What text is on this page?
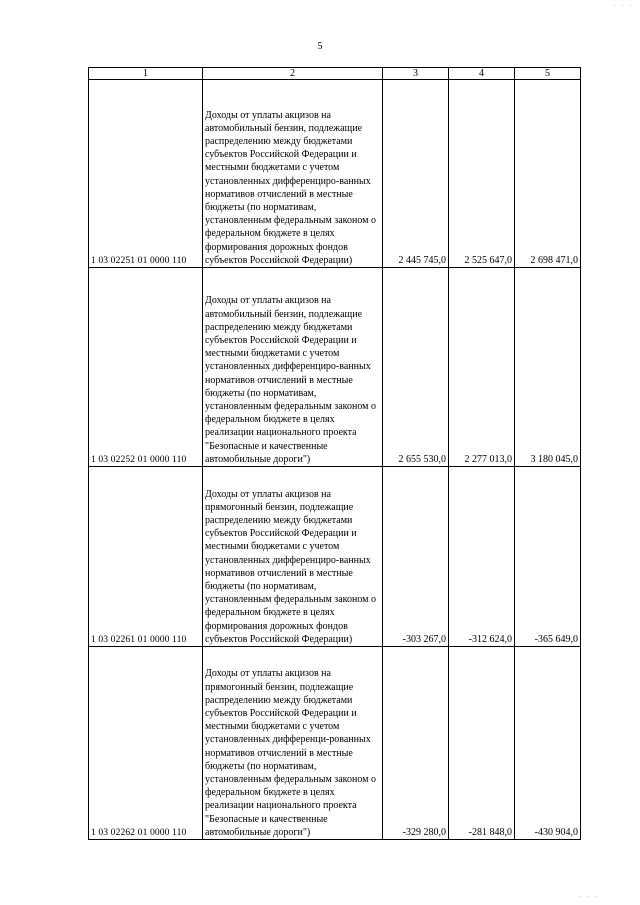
5
1	2	3	4	5
1 03 02251 01 0000 110	Доходы от уплаты акцизов на автомобильный бензин, подлежащие распределению между бюджетами субъектов Российской Федерации и местными бюджетами с учетом установленных дифференциро-ванных нормативов отчислений в местные бюджеты (по нормативам, установленным федеральным законом о федеральном бюджете в целях формирования дорожных фондов субъектов Российской Федерации)	2 445 745,0	2 525 647,0	2 698 471,0
1 03 02252 01 0000 110	Доходы от уплаты акцизов на автомобильный бензин, подлежащие распределению между бюджетами субъектов Российской Федерации и местными бюджетами с учетом установленных дифференциро-ванных нормативов отчислений в местные бюджеты (по нормативам, установленным федеральным законом о федеральном бюджете в целях реализации национального проекта "Безопасные и качественные автомобильные дороги")	2 655 530,0	2 277 013,0	3 180 045,0
1 03 02261 01 0000 110	Доходы от уплаты акцизов на прямогонный бензин, подлежащие распределению между бюджетами субъектов Российской Федерации и местными бюджетами с учетом установленных дифференциро-ванных нормативов отчислений в местные бюджеты (по нормативам, установленным федеральным законом о федеральном бюджете в целях формирования дорожных фондов субъектов Российской Федерации)	-303 267,0	-312 624,0	-365 649,0
1 03 02262 01 0000 110	Доходы от уплаты акцизов на прямогонный бензин, подлежащие распределению между бюджетами субъектов Российской Федерации и местными бюджетами с учетом установленных дифференци-рованных нормативов отчислений в местные бюджеты (по нормативам, установленным федеральным законом о федеральном бюджете в целях реализации национального проекта "Безопасные и качественные автомобильные дороги")	-329 280,0	-281 848,0	-430 904,0
· · ·
· · ·
